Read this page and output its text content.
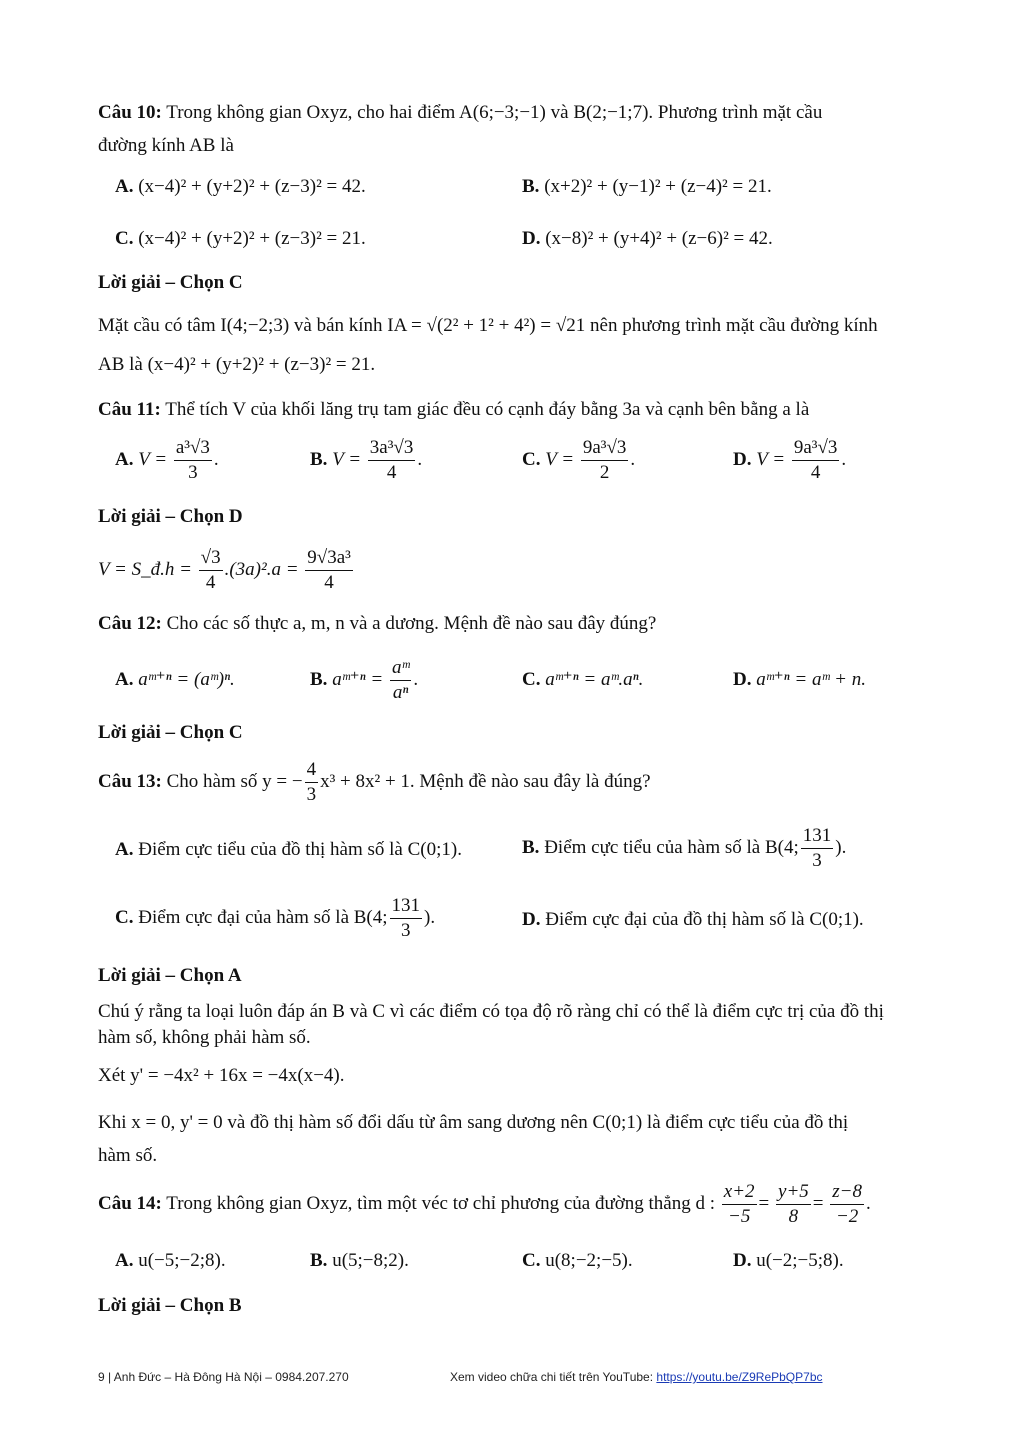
Câu 10: Trong không gian Oxyz, cho hai điểm A(6;−3;−1) và B(2;−1;7). Phương trình mặt cầu
đường kính AB là
A. (x−4)² + (y+2)² + (z−3)² = 42.	B. (x+2)² + (y−1)² + (z−4)² = 21.
C. (x−4)² + (y+2)² + (z−3)² = 21.	D. (x−8)² + (y+4)² + (z−6)² = 42.
Lời giải – Chọn C
Mặt cầu có tâm I(4;−2;3) và bán kính IA = √(2² + 1² + 4²) = √21 nên phương trình mặt cầu đường kính
AB là (x−4)² + (y+2)² + (z−3)² = 21.
Câu 11: Thể tích V của khối lăng trụ tam giác đều có cạnh đáy bằng 3a và cạnh bên bằng a là
A. $V = \frac{\text{a³√3}}{3}$ .	B. $V = \frac{\text{3a³√3}}{4}$ .	C. $V = \frac{\text{9a³√3}}{2}$ .	D. $V = \frac{\text{9a³√3}}{4}$ .
Lời giải – Chọn D
V = S_đ.h = $\frac{√3}{4} .(3a)^2.a = \frac{\text{9√3a³}}{4}$
Câu 12: Cho các số thực a, m, n và a dương. Mệnh đề nào sau đây đúng?
A. aᵐ⁺ⁿ = (aᵐ)ⁿ.	B. aᵐ⁺ⁿ = $\frac{\text{aᵐ}}{\text{aⁿ}}$ .	C. aᵐ⁺ⁿ = aᵐ.aⁿ.	D. aᵐ⁺ⁿ = aᵐ + n.
Lời giải – Chọn C
Câu 13: Cho hàm số y = − $\frac{4}{3} x^3 + 8x^2 + 1$. Mệnh đề nào sau đây là đúng?
A. Điểm cực tiểu của đồ thị hàm số là C(0;1).	B. Điểm cực tiểu của hàm số là B(4; $\frac{131}{3}$ ).
C. Điểm cực đại của hàm số là B(4; $\frac{131}{3}$ ).	D. Điểm cực đại của đồ thị hàm số là C(0;1).
Lời giải – Chọn A
Chú ý rằng ta loại luôn đáp án B và C vì các điểm có tọa độ rõ ràng chỉ có thể là điểm cực trị của đồ thị
hàm số, không phải hàm số.
Xét y' = −4x² + 16x = −4x(x−4).
Khi x = 0, y' = 0 và đồ thị hàm số đổi dấu từ âm sang dương nên C(0;1) là điểm cực tiểu của đồ thị
hàm số.
Câu 14: Trong không gian Oxyz, tìm một véc tơ chỉ phương của đường thẳng d : $\frac{x+2}{-5} = \frac{y+5}{8} = \frac{z-8}{-2}$ .
A. u(−5;−2;8).	B. u(5;−8;2).	C. u(8;−2;−5).	D. u(−2;−5;8).
Lời giải – Chọn B
9 | Anh Đức – Hà Đông Hà Nội – 0984.207.270	Xem video chữa chi tiết trên YouTube: https://youtu.be/Z9RePbQP7bc
